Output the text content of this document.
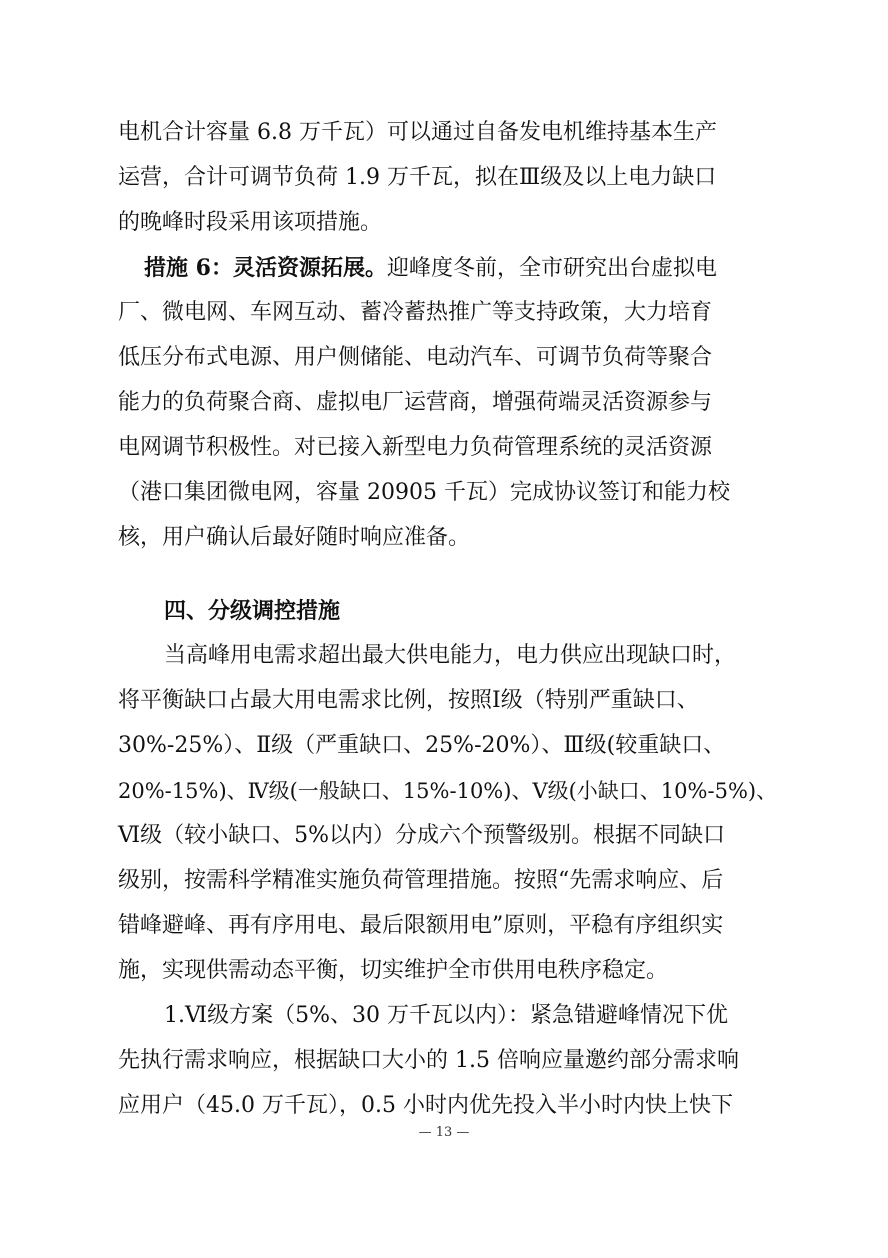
电机合计容量 6.8 万千瓦）可以通过自备发电机维持基本生产
运营，合计可调节负荷 1.9 万千瓦，拟在Ⅲ级及以上电力缺口
的晚峰时段采用该项措施。
措施 6：灵活资源拓展。迎峰度冬前，全市研究出台虚拟电
厂、微电网、车网互动、蓄冷蓄热推广等支持政策，大力培育
低压分布式电源、用户侧储能、电动汽车、可调节负荷等聚合
能力的负荷聚合商、虚拟电厂运营商，增强荷端灵活资源参与
电网调节积极性。对已接入新型电力负荷管理系统的灵活资源
（港口集团微电网，容量 20905 千瓦）完成协议签订和能力校
核，用户确认后最好随时响应准备。
四、分级调控措施
当高峰用电需求超出最大供电能力，电力供应出现缺口时，
将平衡缺口占最大用电需求比例，按照Ⅰ级（特别严重缺口、
30%-25%）、Ⅱ级（严重缺口、25%-20%）、Ⅲ级(较重缺口、
20%-15%)、Ⅳ级(一般缺口、15%-10%)、Ⅴ级(小缺口、10%-5%)、
Ⅵ级（较小缺口、5%以内）分成六个预警级别。根据不同缺口
级别，按需科学精准实施负荷管理措施。按照“先需求响应、后
错峰避峰、再有序用电、最后限额用电”原则，平稳有序组织实
施，实现供需动态平衡，切实维护全市供用电秩序稳定。
1.Ⅵ级方案（5%、30 万千瓦以内）：紧急错避峰情况下优
先执行需求响应，根据缺口大小的 1.5 倍响应量邀约部分需求响
应用户（45.0 万千瓦），0.5 小时内优先投入半小时内快上快下
— 13 —
